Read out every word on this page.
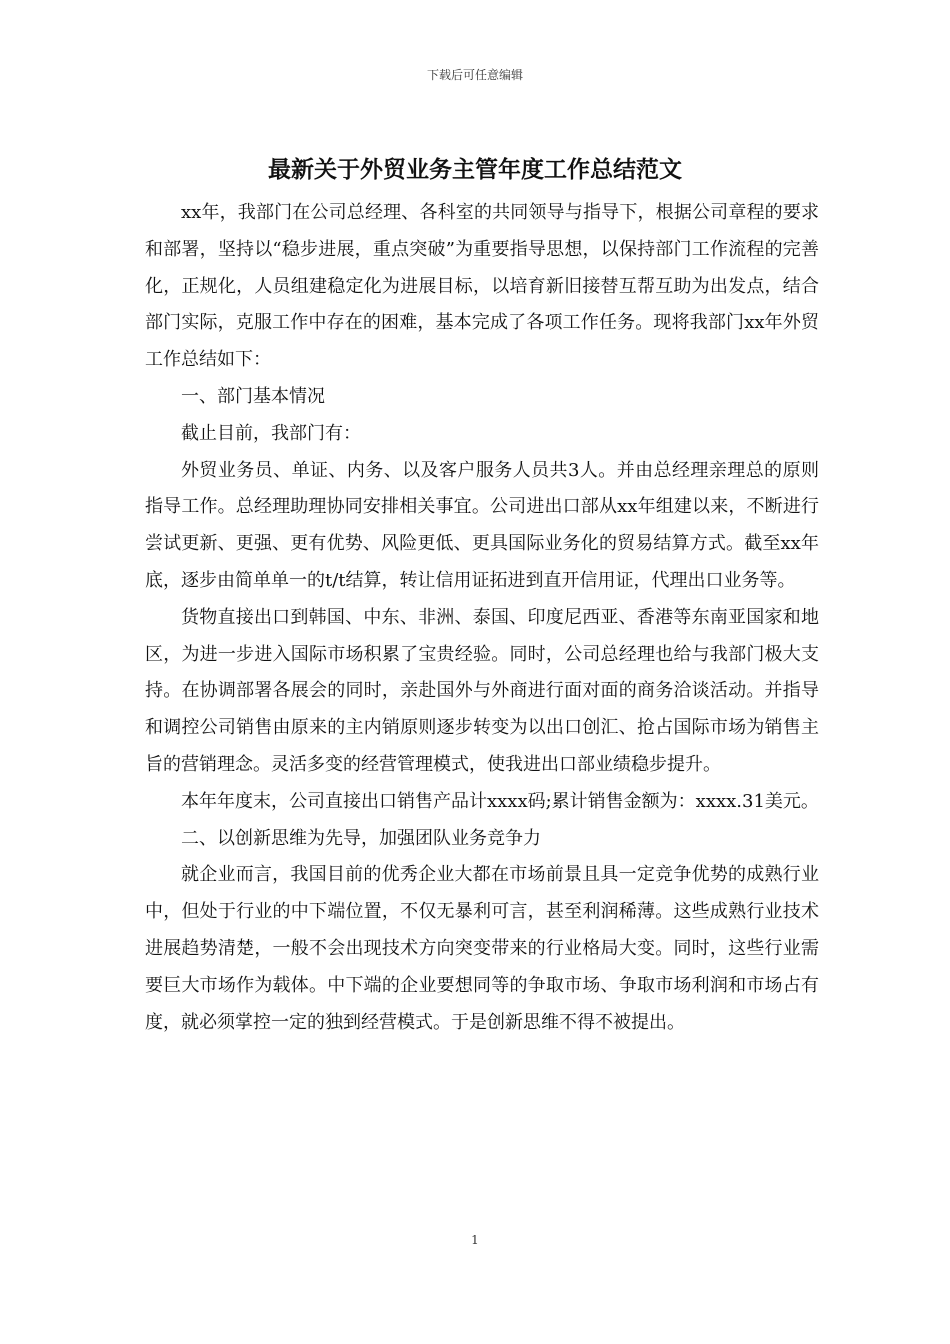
下载后可任意编辑
最新关于外贸业务主管年度工作总结范文

xx年，我部门在公司总经理、各科室的共同领导与指导下，根据公司章程的要求和部署，坚持以“稳步进展，重点突破”为重要指导思想，以保持部门工作流程的完善化，正规化，人员组建稳定化为进展目标，以培育新旧接替互帮互助为出发点，结合部门实际，克服工作中存在的困难，基本完成了各项工作任务。现将我部门xx年外贸工作总结如下：

一、部门基本情况

截止目前，我部门有：

外贸业务员、单证、内务、以及客户服务人员共3人。并由总经理亲理总的原则指导工作。总经理助理协同安排相关事宜。公司进出口部从xx年组建以来，不断进行尝试更新、更强、更有优势、风险更低、更具国际业务化的贸易结算方式。截至xx年底，逐步由简单单一的t/t结算，转让信用证拓进到直开信用证，代理出口业务等。

货物直接出口到韩国、中东、非洲、泰国、印度尼西亚、香港等东南亚国家和地区，为进一步进入国际市场积累了宝贵经验。同时，公司总经理也给与我部门极大支持。在协调部署各展会的同时，亲赴国外与外商进行面对面的商务洽谈活动。并指导和调控公司销售由原来的主内销原则逐步转变为以出口创汇、抢占国际市场为销售主旨的营销理念。灵活多变的经营管理模式，使我进出口部业绩稳步提升。

本年年度末，公司直接出口销售产品计xxxx码;累计销售金额为：xxxx.31美元。

二、以创新思维为先导，加强团队业务竞争力

就企业而言，我国目前的优秀企业大都在市场前景且具一定竞争优势的成熟行业中，但处于行业的中下端位置，不仅无暴利可言，甚至利润稀薄。这些成熟行业技术进展趋势清楚，一般不会出现技术方向突变带来的行业格局大变。同时，这些行业需要巨大市场作为载体。中下端的企业要想同等的争取市场、争取市场利润和市场占有度，就必须掌控一定的独到经营模式。于是创新思维不得不被提出。

1
